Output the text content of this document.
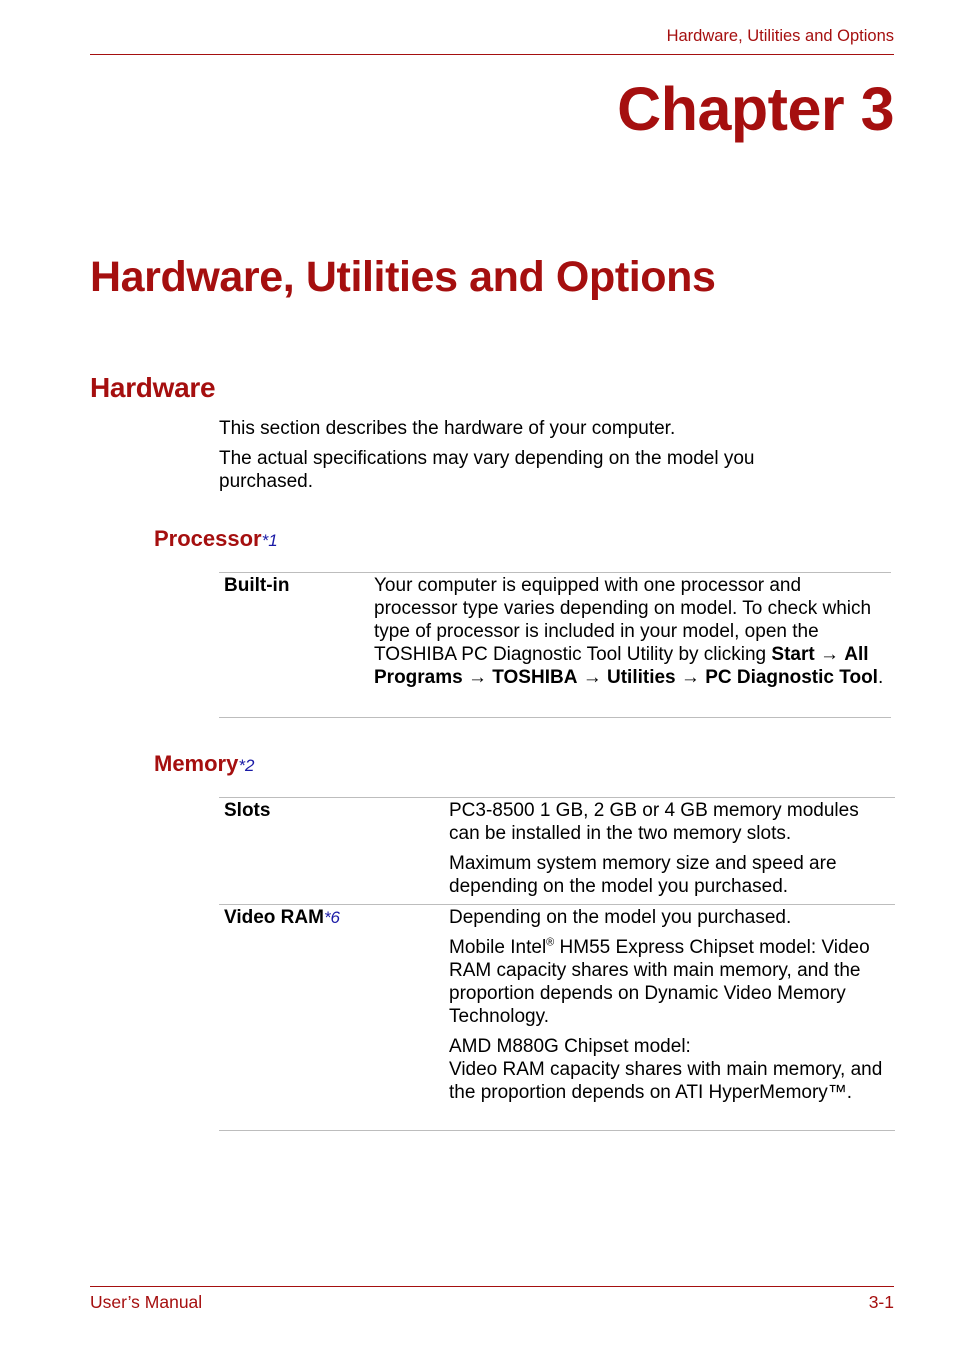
Hardware, Utilities and Options
Chapter 3
Hardware, Utilities and Options
Hardware
This section describes the hardware of your computer.
The actual specifications may vary depending on the model you purchased.
Processor*1
Built-in	Your computer is equipped with one processor and processor type varies depending on model. To check which type of processor is included in your model, open the TOSHIBA PC Diagnostic Tool Utility by clicking Start → All Programs → TOSHIBA → Utilities → PC Diagnostic Tool.
Memory*2
Slots	PC3-8500 1 GB, 2 GB or 4 GB memory modules can be installed in the two memory slots.

Maximum system memory size and speed are depending on the model you purchased.

Video RAM*6	Depending on the model you purchased.

Mobile Intel® HM55 Express Chipset model: Video RAM capacity shares with main memory, and the proportion depends on Dynamic Video Memory Technology.

AMD M880G Chipset model:
Video RAM capacity shares with main memory, and the proportion depends on ATI HyperMemory™.

User’s Manual	3-1
